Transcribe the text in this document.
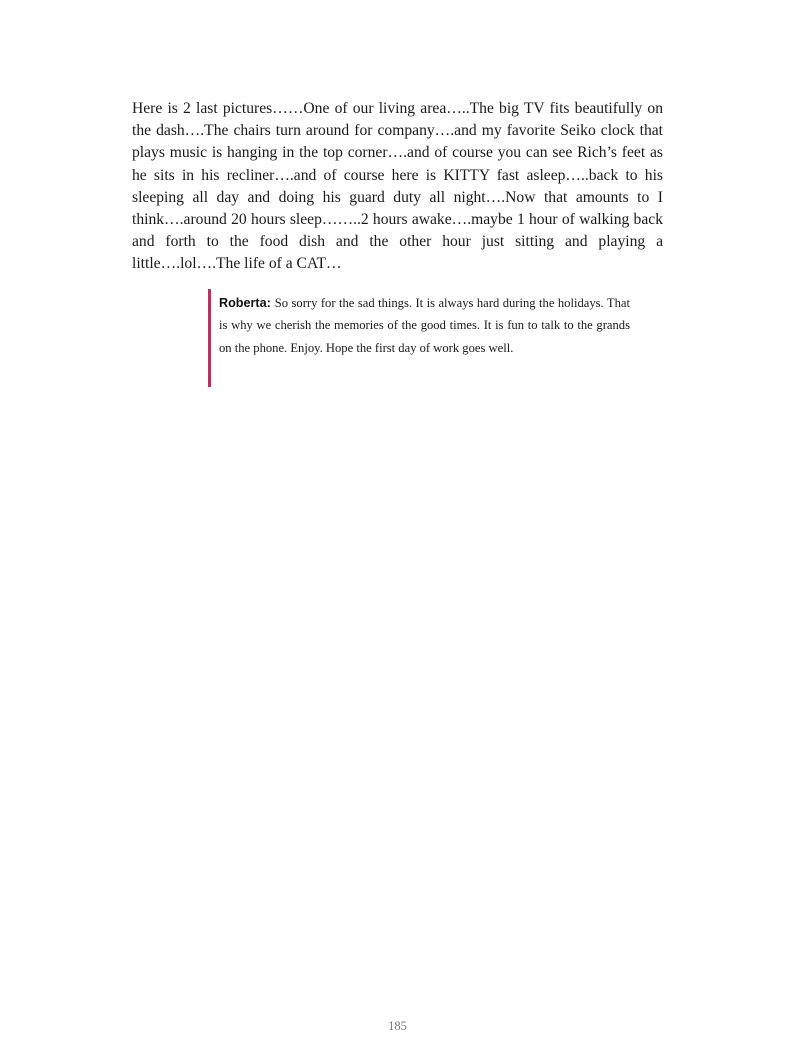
Here is 2 last pictures……One of our living area…..The big TV fits beautifully on the dash….The chairs turn around for company….and my favorite Seiko clock that plays music is hanging in the top corner….and of course you can see Rich’s feet as he sits in his recliner….and of course here is KITTY fast asleep…..back to his sleeping all day and doing his guard duty all night….Now that amounts to I think….around 20 hours sleep……..2 hours awake….maybe 1 hour of walking back and forth to the food dish and the other hour just sitting and playing a little….lol….The life of a CAT…

Roberta: So sorry for the sad things. It is always hard during the holidays. That is why we cherish the memories of the good times. It is fun to talk to the grands on the phone. Enjoy. Hope the first day of work goes well.

185
